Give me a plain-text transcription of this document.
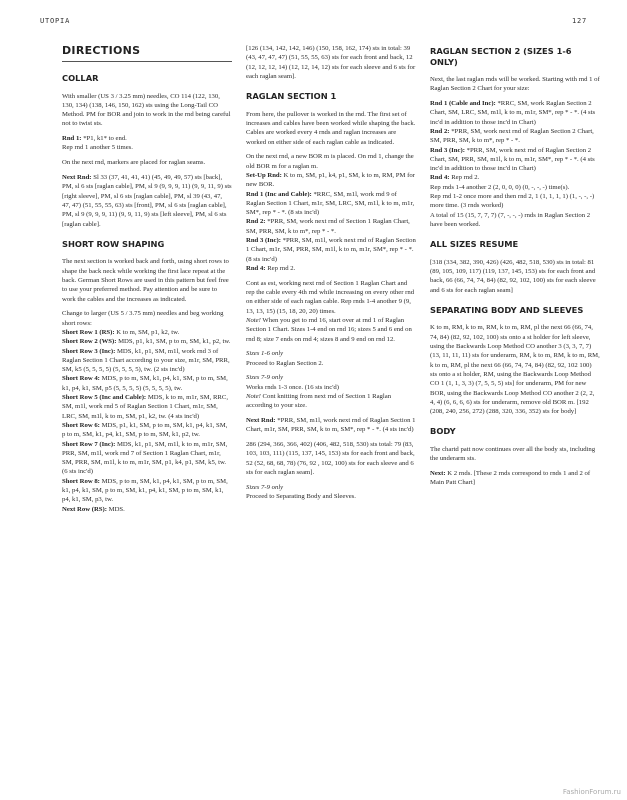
UTOPIA	127
DIRECTIONS
COLLAR

With smaller (US 3 / 3.25 mm) needles, CO 114 (122, 130, 130, 134) (138, 146, 150, 162) sts using the Long-Tail CO Method. PM for BOR and join to work in the rnd being careful not to twist sts.

Rnd 1: *P1, k1* to end.
Rep rnd 1 another 5 times.

On the next rnd, markers are placed for raglan seams.

Next Rnd: Sl 33 (37, 41, 41, 41) (45, 49, 49, 57) sts [back], PM, sl 6 sts [raglan cable], PM, sl 9 (9, 9, 9, 11) (9, 9, 11, 9) sts [right sleeve], PM, sl 6 sts [raglan cable], PM, sl 39 (43, 47, 47, 47) (51, 55, 55, 63) sts [front], PM, sl 6 sts [raglan cable], PM, sl 9 (9, 9, 9, 11) (9, 9, 11, 9) sts [left sleeve], PM, sl 6 sts [raglan cable].

SHORT ROW SHAPING

The next section is worked back and forth, using short rows to shape the back neck while working the first lace repeat at the back. German Short Rows are used in this pattern but feel free to use your preferred method. Pay attention and be sure to work the cables and the increases as indicated.

Change to larger (US 5 / 3.75 mm) needles and beg working short rows:

Short Row 1 (RS): K to m, SM, p1, k2, tw.

Short Row 2 (WS): MDS, p1, k1, SM, p to m, SM, k1, p2, tw.

Short Row 3 (Inc): MDS, k1, p1, SM, m1l, work rnd 3 of Raglan Section 1 Chart according to your size, m1r, SM, PRR, SM, k5 (5, 5, 5, 5) (5, 5, 5, 5), tw. (2 sts inc'd)

Short Row 4: MDS, p to m, SM, k1, p4, k1, SM, p to m, SM, k1, p4, k1, SM, p5 (5, 5, 5, 5) (5, 5, 5, 5), tw.

Short Row 5 (Inc and Cable): MDS, k to m, m1r, SM, RRC, SM, m1l, work rnd 5 of Raglan Section 1 Chart, m1r, SM, LRC, SM, m1l, k to m, SM, p1, k2, tw. (4 sts inc'd)

Short Row 6: MDS, p1, k1, SM, p to m, SM, k1, p4, k1, SM, p to m, SM, k1, p4, k1, SM, p to m, SM, k1, p2, tw.

Short Row 7 (Inc): MDS, k1, p1, SM, m1l, k to m, m1r, SM, PRR, SM, m1l, work rnd 7 of Section 1 Raglan Chart, m1r, SM, PRR, SM, m1l, k to m, m1r, SM, p1, k4, p1, SM, k5, tw. (6 sts inc'd)

Short Row 8: MDS, p to m, SM, k1, p4, k1, SM, p to m, SM, k1, p4, k1, SM, p to m, SM, k1, p4, k1, SM, p to m, SM, k1, p4, k1, SM, p3, tw.

Next Row (RS): MDS.

[126 (134, 142, 142, 146) (150, 158, 162, 174) sts in total: 39 (43, 47, 47, 47) (51, 55, 55, 63) sts for each front and back, 12 (12, 12, 12, 14) (12, 12, 14, 12) sts for each sleeve and 6 sts for each raglan seam].

RAGLAN SECTION 1

From here, the pullover is worked in the rnd. The first set of increases and cables have been worked while shaping the back. Cables are worked every 4 rnds and raglan increases are worked on either side of each raglan cable as indicated.

On the next rnd, a new BOR m is placed. On rnd 1, change the old BOR m for a raglan m.

Set-Up Rnd: K to m, SM, p1, k4, p1, SM, k to m, RM, PM for new BOR.

Rnd 1 (Inc and Cable): *RRC, SM, m1l, work rnd 9 of Raglan Section 1 Chart, m1r, SM, LRC, SM, m1l, k to m, m1r, SM*, rep * - *. (8 sts inc'd)

Rnd 2: *PRR, SM, work next rnd of Section 1 Raglan Chart, SM, PRR, SM, k to m*, rep * - *.

Rnd 3 (Inc): *PRR, SM, m1l, work next rnd of Raglan Section 1 Chart, m1r, SM, PRR, SM, m1l, k to m, m1r, SM*, rep * - *. (8 sts inc'd)

Rnd 4: Rep rnd 2.

Cont as est, working next rnd of Section 1 Raglan Chart and rep the cable every 4th rnd while increasing on every other rnd on either side of each raglan cable. Rep rnds 1-4 another 9 (9, 13, 13, 15) (15, 18, 20, 20) times.

Note! When you get to rnd 16, start over at rnd 1 of Raglan Section 1 Chart. Sizes 1-4 end on rnd 16; sizes 5 and 6 end on rnd 8; size 7 ends on rnd 4; sizes 8 and 9 end on rnd 12.

Sizes 1-6 only

Proceed to Raglan Section 2.

Sizes 7-9 only

Works rnds 1-3 once. (16 sts inc'd)

Note! Cont knitting from next rnd of Section 1 Raglan according to your size.

Next Rnd: *PRR, SM, m1l, work next rnd of Raglan Section 1 Chart, m1r, SM, PRR, SM, k to m, SM*, rep * - *. (4 sts inc'd)

286 (294, 366, 366, 402) (406, 482, 518, 530) sts total: 79 (83, 103, 103, 111) (115, 137, 145, 153) sts for each front and back, 52 (52, 68, 68, 78) (76, 92 , 102, 100) sts for each sleeve and 6 sts for each raglan seam].

Sizes 7-9 only

Proceed to Separating Body and Sleeves.

RAGLAN SECTION 2 (SIZES 1-6 ONLY)

Next, the last raglan rnds will be worked. Starting with rnd 1 of Raglan Section 2 Chart for your size:

Rnd 1 (Cable and Inc): *RRC, SM, work Raglan Section 2 Chart, SM, LRC, SM, m1l, k to m, m1r, SM*, rep * - *. (4 sts inc'd in addition to those inc'd in Chart)

Rnd 2: *PRR, SM, work next rnd of Raglan Section 2 Chart, SM, PRR, SM, k to m*, rep * - *.

Rnd 3 (Inc): *PRR, SM, work next rnd of Raglan Section 2 Chart, SM, PRR, SM, m1l, k to m, m1r, SM*, rep * - *. (4 sts inc'd in addition to those inc'd in Chart)

Rnd 4: Rep rnd 2.

Rep rnds 1-4 another 2 (2, 0, 0, 0) (0, -, -, -) time(s).

Rep rnd 1-2 once more and then rnd 2, 1 (1, 1, 1, 1) (1, -, -, -) more time. (3 rnds worked)

A total of 15 (15, 7, 7, 7) (7, -, -, -) rnds in Raglan Section 2 have been worked.

ALL SIZES RESUME

[318 (334, 382, 390, 426) (426, 482, 518, 530) sts in total: 81 (89, 105, 109, 117) (119, 137, 145, 153) sts for each front and back, 66 (66, 74, 74, 84) (82, 92, 102, 100) sts for each sleeve and 6 sts for each raglan seam]

SEPARATING BODY AND SLEEVES

K to m, RM, k to m, RM, k to m, RM, pl the next 66 (66, 74, 74, 84) (82, 92, 102, 100) sts onto a st holder for left sleeve, using the Backwards Loop Method CO another 3 (3, 3, 7, 7) (13, 11, 11, 11) sts for underarm, RM, k to m, RM, k to m, RM, k to m, RM, pl the next 66 (66, 74, 74, 84) (82, 92, 102 100) sts onto a st holder, RM, using the Backwards Loop Method CO 1 (1, 1, 3, 3) (7, 5, 5, 5) sts] for underarm, PM for new BOR, using the Backwards Loop Method CO another 2 (2, 2, 4, 4) (6, 6, 6, 6) sts for underarm, remove old BOR m. [192 (208, 240, 256, 272) (288, 320, 336, 352) sts for body]

BODY

The chartd patt now continues over all the body sts, including the underarm sts.

Next: K 2 rnds. [These 2 rnds correspond to rnds 1 and 2 of Main Patt Chart]

FashionForum.ru
